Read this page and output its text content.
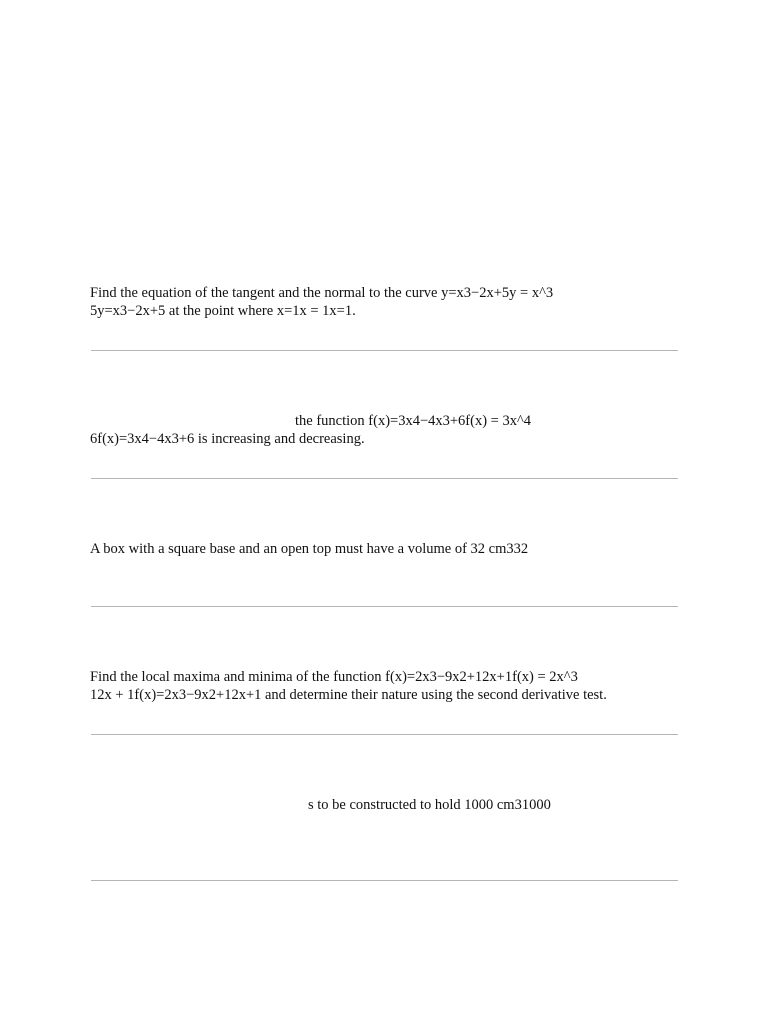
Find the equation of the tangent and the normal to the curve y=x3−2x+5y = x^3
5y=x3−2x+5 at the point where x=1x = 1x=1.
the function f(x)=3x4−4x3+6f(x) = 3x^4
6f(x)=3x4−4x3+6 is increasing and decreasing.
A box with a square base and an open top must have a volume of 32 cm332
Find the local maxima and minima of the function f(x)=2x3−9x2+12x+1f(x) = 2x^3
12x + 1f(x)=2x3−9x2+12x+1 and determine their nature using the second derivative test.
s to be constructed to hold 1000 cm31000
